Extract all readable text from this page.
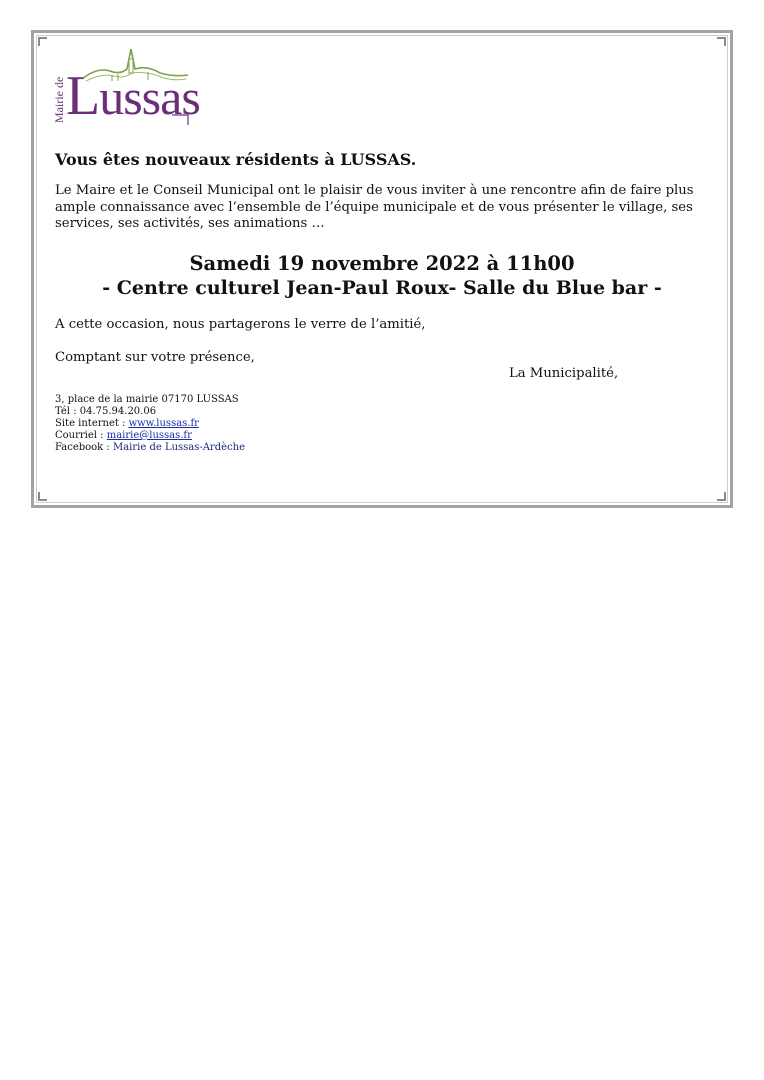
Mairie de Lussas
Vous êtes nouveaux résidents à LUSSAS.
Le Maire et le Conseil Municipal ont le plaisir de vous inviter à une rencontre afin de faire plus ample connaissance avec l’ensemble de l’équipe municipale et de vous présenter le village, ses services, ses activités, ses animations …
Samedi 19 novembre 2022 à 11h00
- Centre culturel Jean-Paul Roux- Salle du Blue bar -
A cette occasion, nous partagerons le verre de l’amitié,
Comptant sur votre présence,
La Municipalité,
3, place de la mairie 07170 LUSSAS
Tél : 04.75.94.20.06
Site internet : www.lussas.fr
Courriel : mairie@lussas.fr
Facebook : Mairie de Lussas-Ardèche
